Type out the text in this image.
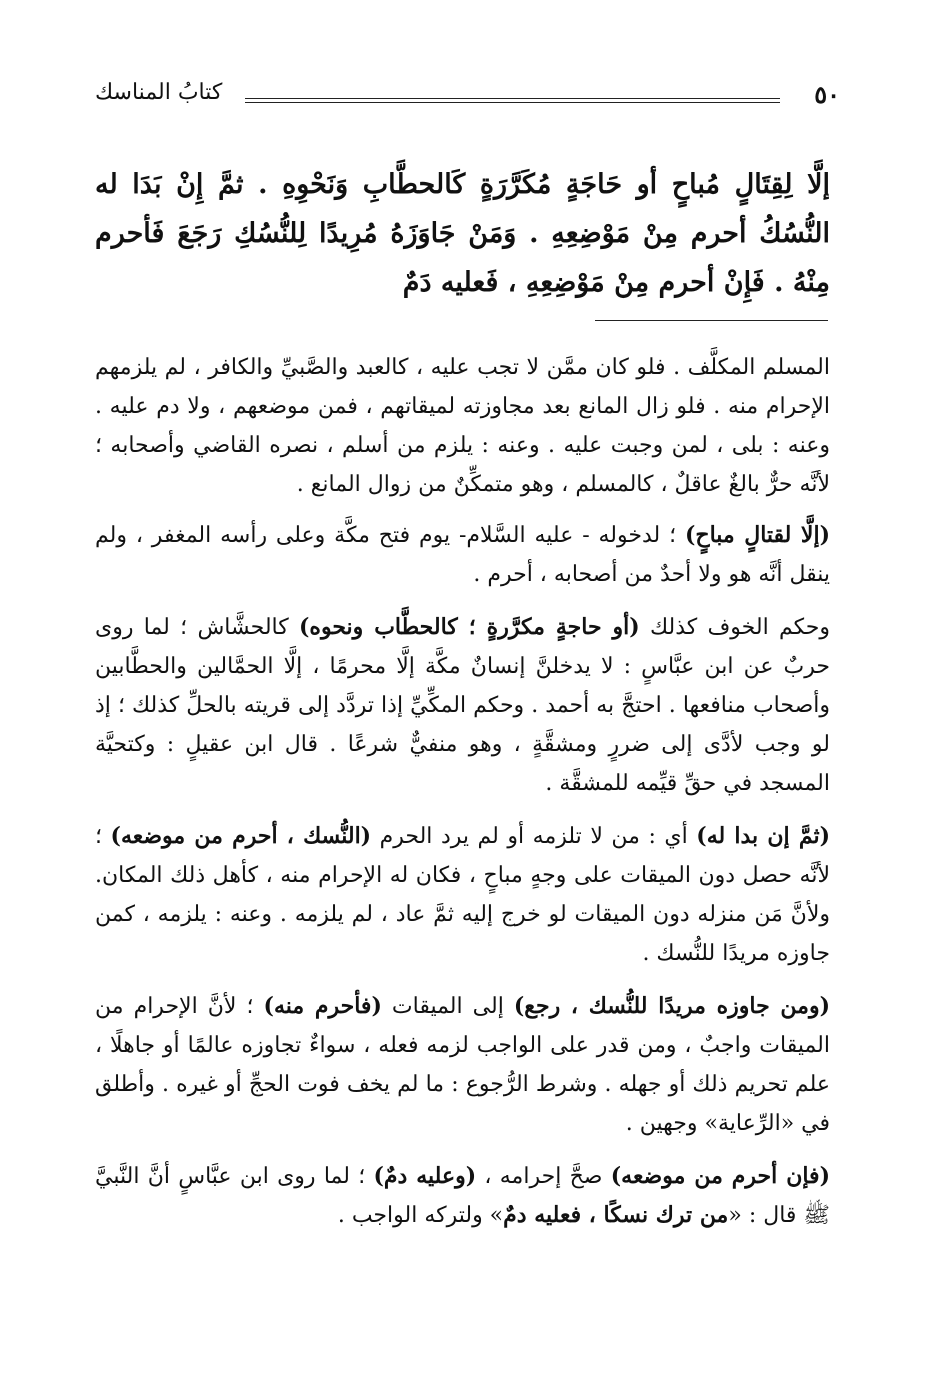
٥٠
كتابُ المناسك
إلَّا لِقِتَالٍ مُباحٍ أو حَاجَةٍ مُكَرَّرَةٍ كَالحطَّابِ وَنَحْوِهِ . ثمَّ إِنْ بَدَا له النُّسُكُ أحرم مِنْ مَوْضِعِهِ . وَمَنْ جَاوَزَهُ مُرِيدًا لِلنُّسُكِ رَجَعَ فَأحرم مِنْهُ . فَإِنْ أحرم مِنْ مَوْضِعِهِ ، فَعليه دَمٌ

المسلم المكلَّف . فلو كان ممَّن لا تجب عليه ، كالعبد والصَّبيِّ والكافر ، لم يلزمهم الإحرام منه . فلو زال المانع بعد مجاوزته لميقاتهم ، فمن موضعهم ، ولا دم عليه . وعنه : بلى ، لمن وجبت عليه . وعنه : يلزم من أسلم ، نصره القاضي وأصحابه ؛ لأنَّه حرٌّ بالغٌ عاقلٌ ، كالمسلم ، وهو متمكِّنٌ من زوال المانع .

(إلَّا لقتالٍ مباحٍ) ؛ لدخوله - عليه السَّلام- يوم فتح مكَّة وعلى رأسه المغفر ، ولم ينقل أنَّه هو ولا أحدٌ من أصحابه ، أحرم .

وحكم الخوف كذلك (أو حاجةٍ مكرَّرةٍ ؛ كالحطَّاب ونحوه) كالحشَّاش ؛ لما روى حربٌ عن ابن عبَّاسٍ : لا يدخلنَّ إنسانٌ مكَّة إلَّا محرمًا ، إلَّا الحمَّالين والحطَّابين وأصحاب منافعها . احتجَّ به أحمد . وحكم المكِّيِّ إذا تردَّد إلى قريته بالحلِّ كذلك ؛ إذ لو وجب لأدَّى إلى ضررٍ ومشقَّةٍ ، وهو منفيٌّ شرعًا . قال ابن عقيلٍ : وكتحيَّة المسجد في حقِّ قيِّمه للمشقَّة .

(ثمَّ إن بدا له) أي : من لا تلزمه أو لم يرد الحرم (النُّسك ، أحرم من موضعه) ؛ لأنَّه حصل دون الميقات على وجهٍ مباحٍ ، فكان له الإحرام منه ، كأهل ذلك المكان. ولأنَّ مَن منزله دون الميقات لو خرج إليه ثمَّ عاد ، لم يلزمه . وعنه : يلزمه ، كمن جاوزه مريدًا للنُّسك .

(ومن جاوزه مريدًا للنُّسك ، رجع) إلى الميقات (فأحرم منه) ؛ لأنَّ الإحرام من الميقات واجبٌ ، ومن قدر على الواجب لزمه فعله ، سواءٌ تجاوزه عالمًا أو جاهلًا ، علم تحريم ذلك أو جهله . وشرط الرُّجوع : ما لم يخف فوت الحجِّ أو غيره . وأطلق في «الرِّعاية» وجهين .

(فإن أحرم من موضعه) صحَّ إحرامه ، (وعليه دمٌ) ؛ لما روى ابن عبَّاسٍ أنَّ النَّبيَّ ﷺ قال : «من ترك نسكًا ، فعليه دمٌ» ولتركه الواجب .
